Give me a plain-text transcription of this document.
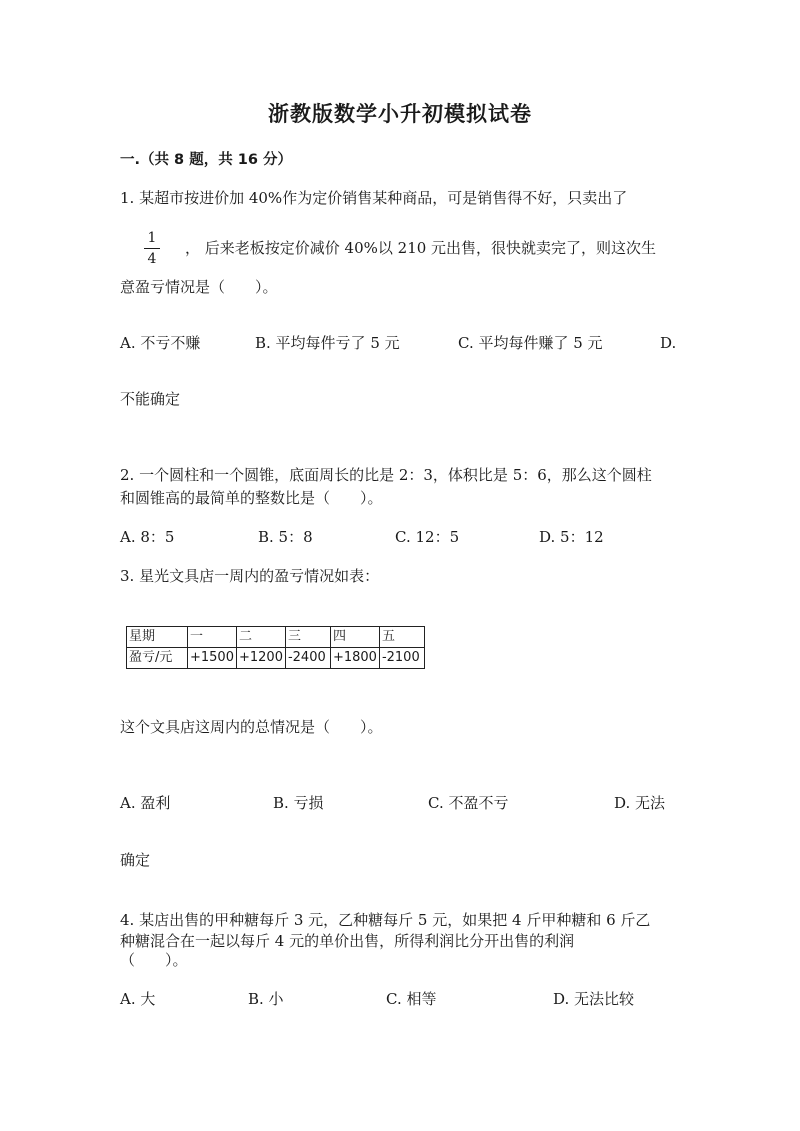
浙教版数学小升初模拟试卷
一.（共 8 题，共 16 分）
1. 某超市按进价加 40%作为定价销售某种商品，可是销售得不好，只卖出了
1
4
， 后来老板按定价减价 40%以 210 元出售，很快就卖完了，则这次生
意盈亏情况是（　　）。
A. 不亏不赚	B. 平均每件亏了 5 元	C. 平均每件赚了 5 元	D.
不能确定
2. 一个圆柱和一个圆锥，底面周长的比是 2：3，体积比是 5：6，那么这个圆柱
和圆锥高的最简单的整数比是（　　）。
A. 8：5	B. 5：8	C. 12：5	D. 5：12
3. 星光文具店一周内的盈亏情况如表：
星期	一	二	三	四	五
盈亏/元	+1500	+1200	-2400	+1800	-2100
这个文具店这周内的总情况是（　　）。
A. 盈利	B. 亏损	C. 不盈不亏	D. 无法
确定
4. 某店出售的甲种糖每斤 3 元，乙种糖每斤 5 元，如果把 4 斤甲种糖和 6 斤乙
种糖混合在一起以每斤 4 元的单价出售，所得利润比分开出售的利润
（　　）。
A. 大	B. 小	C. 相等	D. 无法比较
